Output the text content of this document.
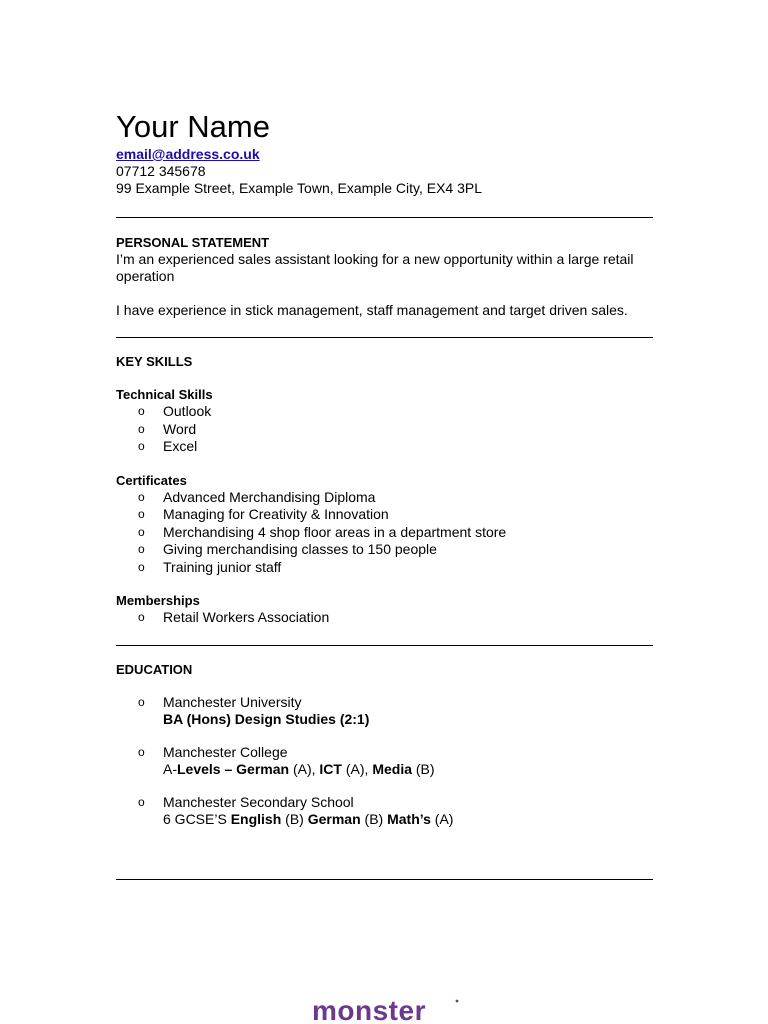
Your Name
email@address.co.uk

07712 345678

99 Example Street, Example Town, Example City, EX4 3PL

PERSONAL STATEMENT

I’m an experienced sales assistant looking for a new opportunity within a large retail operation

I have experience in stick management, staff management and target driven sales.

KEY SKILLS

Technical Skills

o Outlook
o Word
o Excel

Certificates

o Advanced Merchandising Diploma
o Managing for Creativity & Innovation
o Merchandising 4 shop floor areas in a department store
o Giving merchandising classes to 150 people
o Training junior staff

Memberships

o Retail Workers Association

EDUCATION

o Manchester University
BA (Hons) Design Studies (2:1)
o Manchester College
A-Levels – German (A), ICT (A), Media (B)
o Manchester Secondary School
6 GCSE’S English (B) German (B) Math’s (A)
monster
